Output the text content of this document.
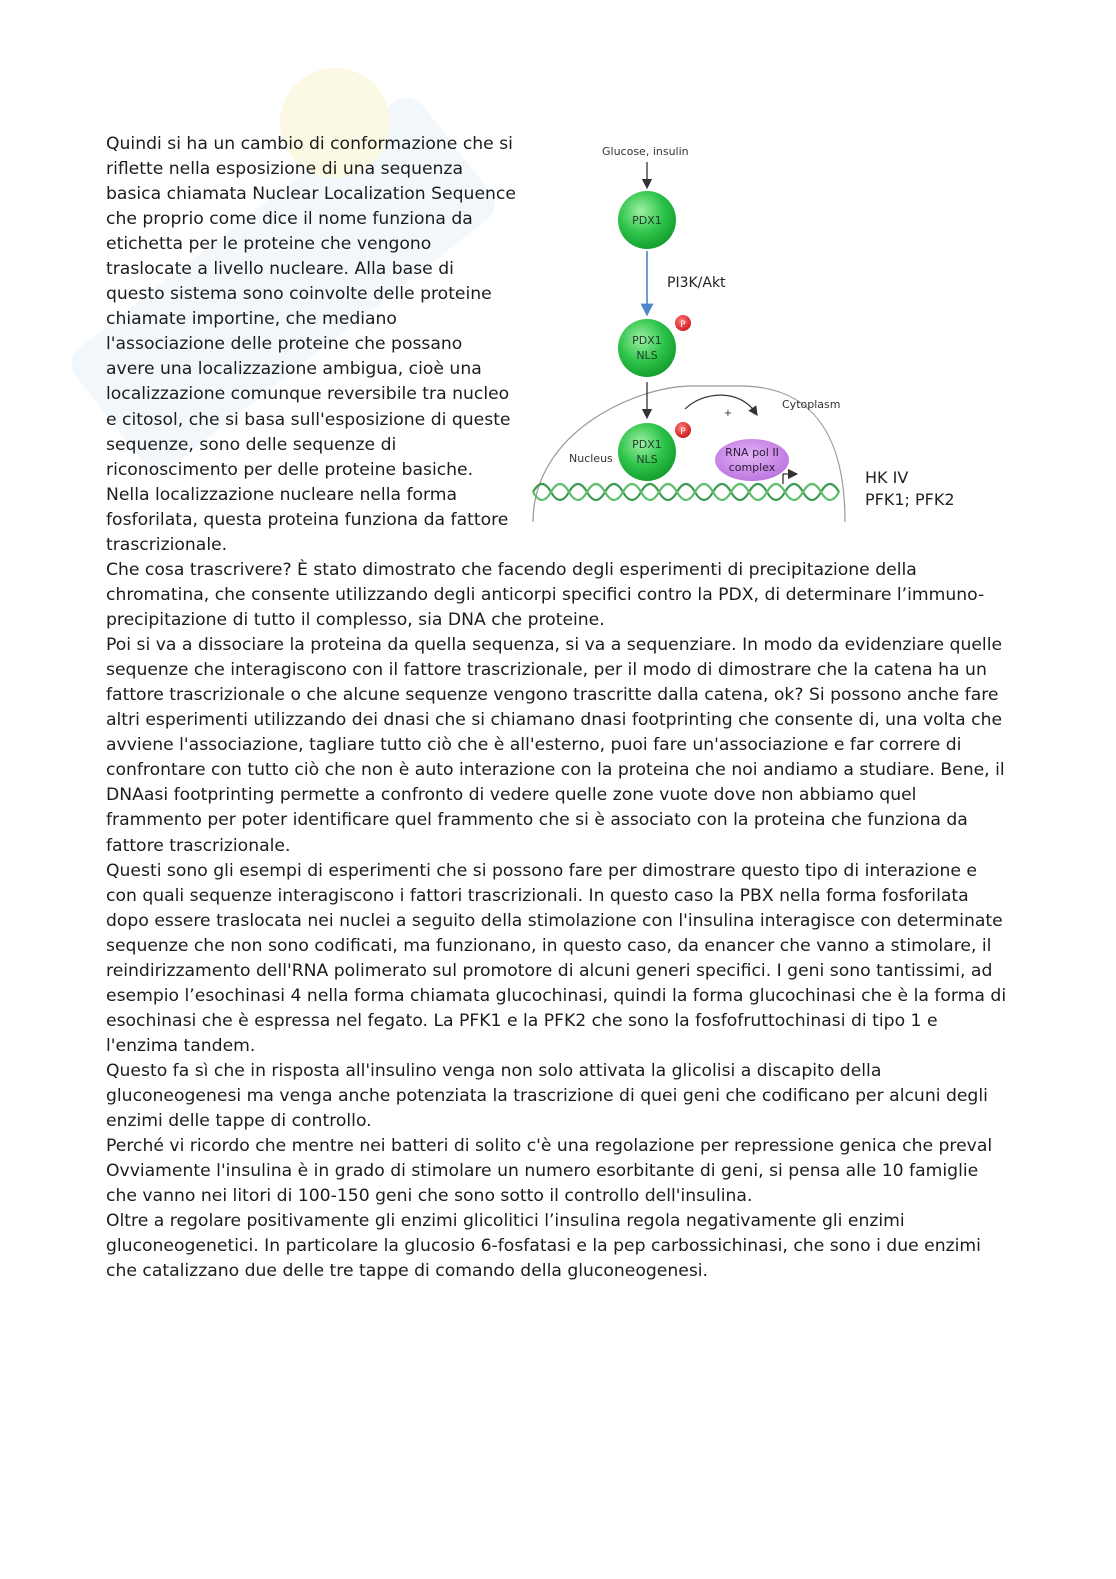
Quindi si ha un cambio di conformazione che si riflette nella esposizione di una sequenza basica chiamata Nuclear Localization Sequence che proprio come dice il nome funziona da etichetta per le proteine che vengono traslocate a livello nucleare. Alla base di questo sistema sono coinvolte delle proteine chiamate importine, che mediano l'associazione delle proteine che possano avere una localizzazione ambigua, cioè una localizzazione comunque reversibile tra nucleo e citosol, che si basa sull'esposizione di queste sequenze, sono delle sequenze di riconoscimento per delle proteine basiche. Nella localizzazione nucleare nella forma fosforilata, questa proteina funziona da fattore trascrizionale.

Glucose, insulin
PDX1
PI3K/Akt
PDX1
NLS
P
Cytoplasm
Nucleus
PDX1
NLS
P
+
RNA pol II
complex
HK IV
PFK1; PFK2

Che cosa trascrivere? È stato dimostrato che facendo degli esperimenti di precipitazione della chromatina, che consente utilizzando degli anticorpi specifici contro la PDX, di determinare l’immuno-precipitazione di tutto il complesso, sia DNA che proteine.

Poi si va a dissociare la proteina da quella sequenza, si va a sequenziare. In modo da evidenziare quelle sequenze che interagiscono con il fattore trascrizionale, per il modo di dimostrare che la catena ha un fattore trascrizionale o che alcune sequenze vengono trascritte dalla catena, ok? Si possono anche fare altri esperimenti utilizzando dei dnasi che si chiamano dnasi footprinting che consente di, una volta che avviene l'associazione, tagliare tutto ciò che è all'esterno, puoi fare un'associazione e far correre di confrontare con tutto ciò che non è auto interazione con la proteina che noi andiamo a studiare. Bene, il DNAasi footprinting permette a confronto di vedere quelle zone vuote dove non abbiamo quel frammento per poter identificare quel frammento che si è associato con la proteina che funziona da fattore trascrizionale.

Questi sono gli esempi di esperimenti che si possono fare per dimostrare questo tipo di interazione e con quali sequenze interagiscono i fattori trascrizionali. In questo caso la PBX nella forma fosforilata dopo essere traslocata nei nuclei a seguito della stimolazione con l'insulina interagisce con determinate sequenze che non sono codificati, ma funzionano, in questo caso, da enancer che vanno a stimolare, il reindirizzamento dell'RNA polimerato sul promotore di alcuni generi specifici. I geni sono tantissimi, ad esempio l’esochinasi 4 nella forma chiamata glucochinasi, quindi la forma glucochinasi che è la forma di esochinasi che è espressa nel fegato. La PFK1 e la PFK2 che sono la fosfofruttochinasi di tipo 1 e l'enzima tandem.

Questo fa sì che in risposta all'insulino venga non solo attivata la glicolisi a discapito della gluconeogenesi ma venga anche potenziata la trascrizione di quei geni che codificano per alcuni degli enzimi delle tappe di controllo.

Perché vi ricordo che mentre nei batteri di solito c'è una regolazione per repressione genica che preval Ovviamente l'insulina è in grado di stimolare un numero esorbitante di geni, si pensa alle 10 famiglie che vanno nei litori di 100-150 geni che sono sotto il controllo dell'insulina.

Oltre a regolare positivamente gli enzimi glicolitici l’insulina regola negativamente gli enzimi gluconeogenetici. In particolare la glucosio 6-fosfatasi e la pep carbossichinasi, che sono i due enzimi che catalizzano due delle tre tappe di comando della gluconeogenesi.
